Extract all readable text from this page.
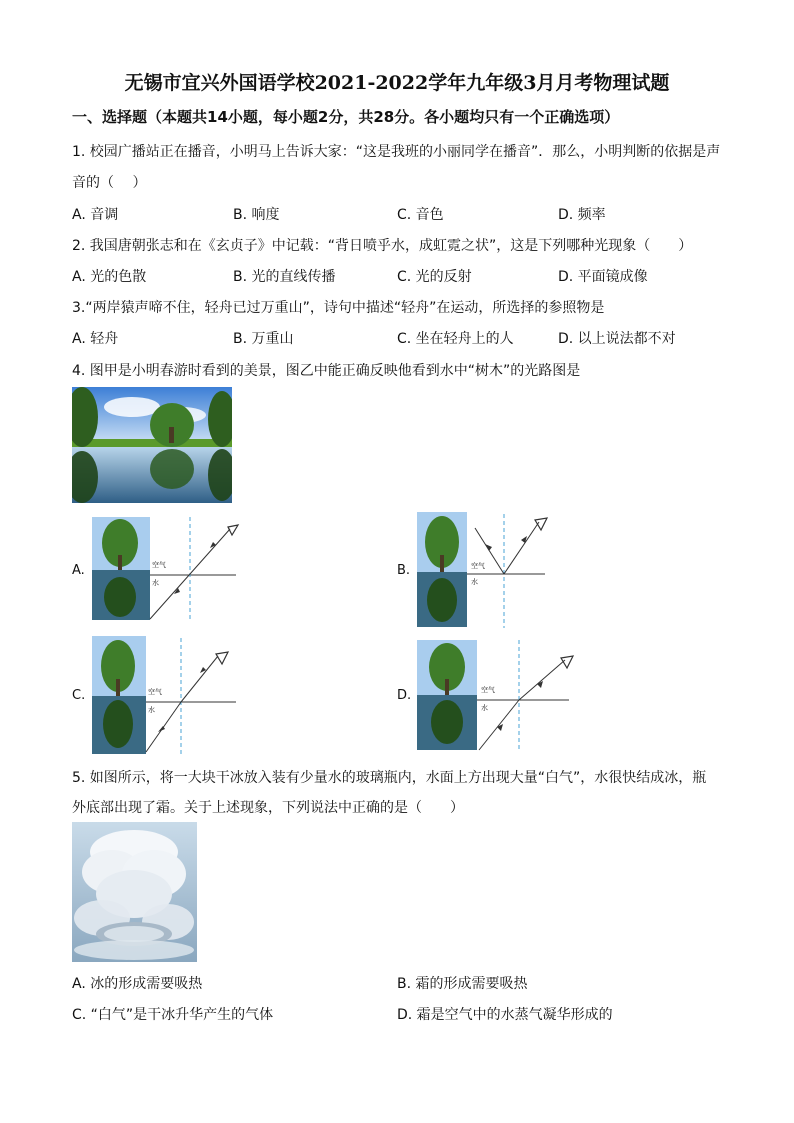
无锡市宜兴外国语学校2021-2022学年九年级3月月考物理试题
一、选择题（本题共14小题，每小题2分，共28分。各小题均只有一个正确选项）
1. 校园广播站正在播音，小明马上告诉大家：“这是我班的小丽同学在播音”．那么，小明判断的依据是声
音的（　 ）
A. 音调	B. 响度	C. 音色	D. 频率
2. 我国唐朝张志和在《玄贞子》中记载：“背日喷乎水，成虹霓之状”，这是下列哪种光现象（　　）
A. 光的色散	B. 光的直线传播	C. 光的反射	D. 平面镜成像
3.“两岸猿声啼不住，轻舟已过万重山”，诗句中描述“轻舟”在运动，所选择的参照物是
A. 轻舟	B. 万重山	C. 坐在轻舟上的人	D. 以上说法都不对
4. 图甲是小明春游时看到的美景，图乙中能正确反映他看到水中“树木”的光路图是
A.	空气
水
B.	空气
水
C.	空气
水
D.	空气
水
5. 如图所示，将一大块干冰放入装有少量水的玻璃瓶内，水面上方出现大量“白气”，水很快结成冰，瓶
外底部出现了霜。关于上述现象，下列说法中正确的是（　　）
A. 冰的形成需要吸热	B. 霜的形成需要吸热
C. “白气”是干冰升华产生的气体	D. 霜是空气中的水蒸气凝华形成的
